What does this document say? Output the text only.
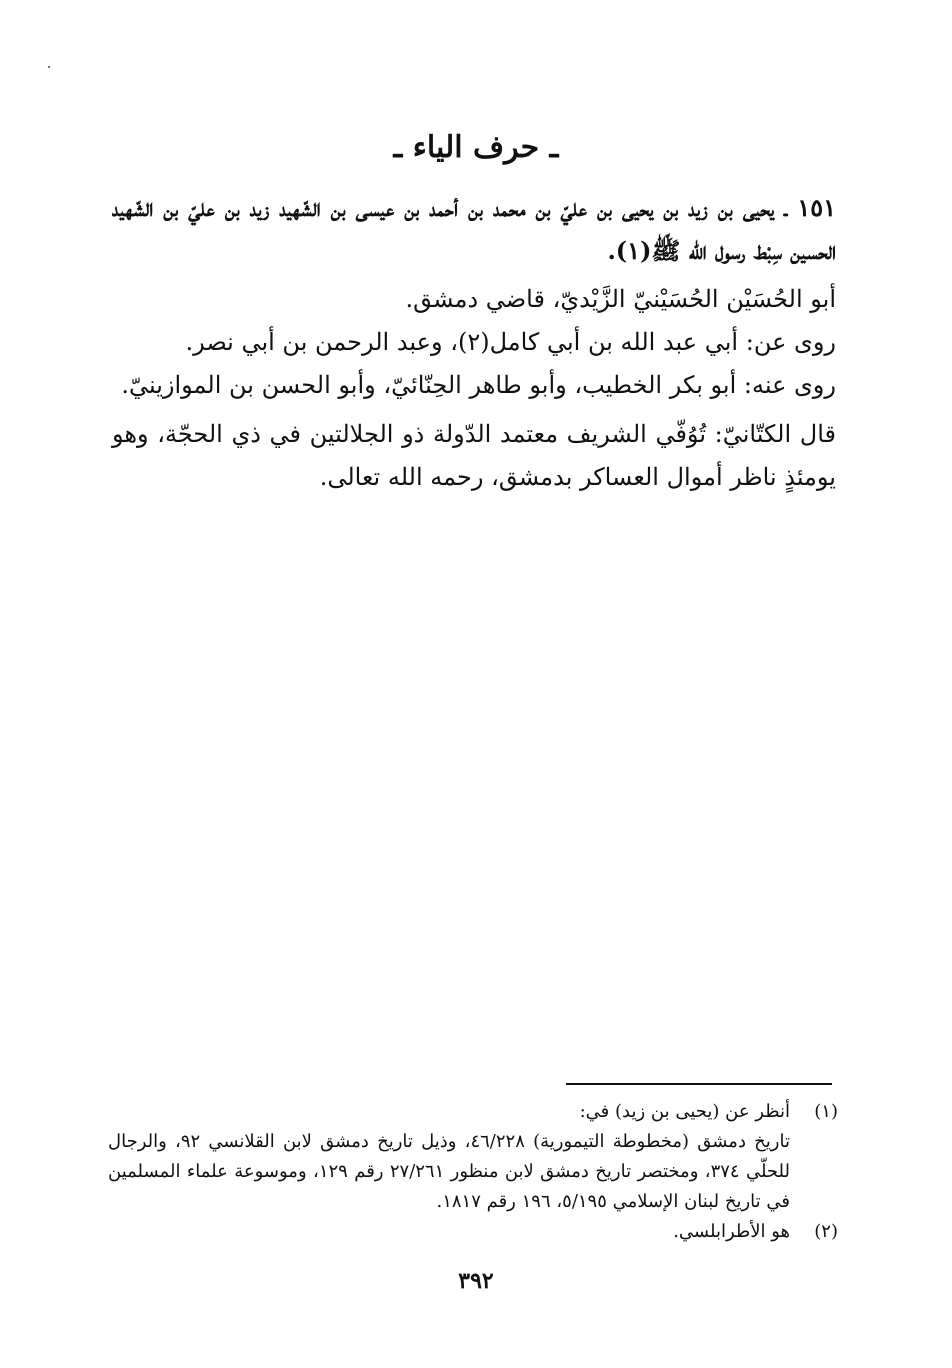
ـ حرف الياء ـ

١٥١ ـ يحيى بن زيد بن يحيى بن عليّ بن محمد بن أحمد بن عيسى بن الشّهيد زيد بن عليّ بن الشّهيد الحسين سِبْط رسول الله ﷺ(١).

أبو الحُسَيْن الحُسَيْنيّ الزَّيْديّ، قاضي دمشق.

روى عن: أبي عبد الله بن أبي كامل(٢)، وعبد الرحمن بن أبي نصر.

روى عنه: أبو بكر الخطيب، وأبو طاهر الحِنّائيّ، وأبو الحسن بن الموازينيّ.

قال الكتّانيّ: تُوُفّي الشريف معتمد الدّولة ذو الجلالتين في ذي الحجّة، وهو يومئذٍ ناظر أموال العساكر بدمشق، رحمه الله تعالى.

(١)
أنظر عن (يحيى بن زيد) في:
تاريخ دمشق (مخطوطة التيمورية) ٤٦/٢٢٨، وذيل تاريخ دمشق لابن القلانسي ٩٢، والرجال للحلّي ٣٧٤، ومختصر تاريخ دمشق لابن منظور ٢٧/٢٦١ رقم ١٢٩، وموسوعة علماء المسلمين في تاريخ لبنان الإسلامي ٥/١٩٥، ١٩٦ رقم ١٨١٧.
(٢)
هو الأطرابلسي.
٣٩٢
